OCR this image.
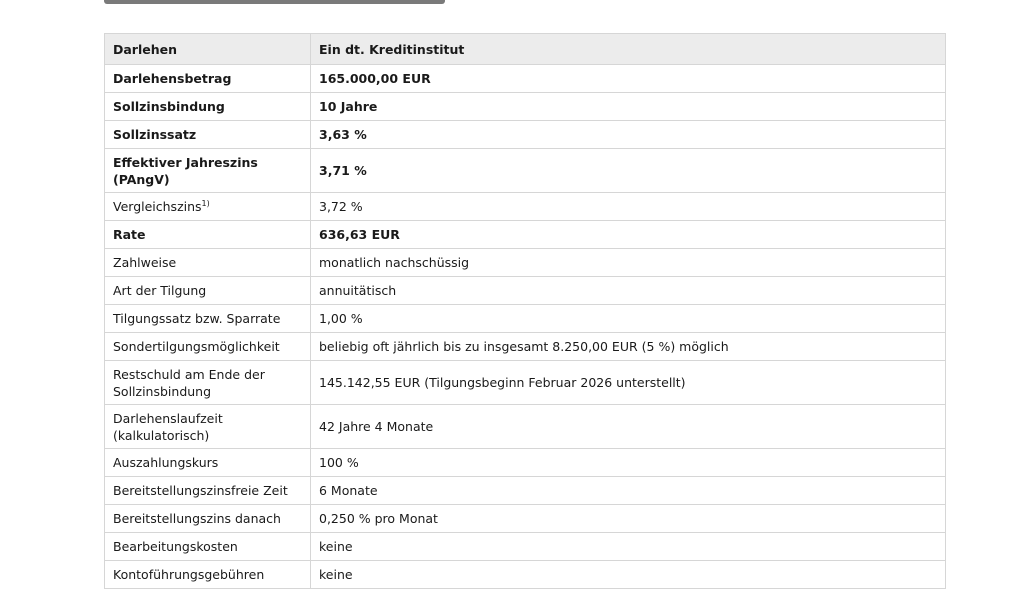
Darlehen	Ein dt. Kreditinstitut
Darlehensbetrag	165.000,00 EUR
Sollzinsbindung	10 Jahre
Sollzinssatz	3,63 %
Effektiver Jahreszins (PAngV)	3,71 %
Vergleichszins$^{1)}$	3,72 %
Rate	636,63 EUR
Zahlweise	monatlich nachschüssig
Art der Tilgung	annuitätisch
Tilgungssatz bzw. Sparrate	1,00 %
Sondertilgungsmöglichkeit	beliebig oft jährlich bis zu insgesamt 8.250,00 EUR (5 %) möglich
Restschuld am Ende der Sollzinsbindung	145.142,55 EUR (Tilgungsbeginn Februar 2026 unterstellt)
Darlehenslaufzeit (kalkulatorisch)	42 Jahre 4 Monate
Auszahlungskurs	100 %
Bereitstellungszinsfreie Zeit	6 Monate
Bereitstellungszins danach	0,250 % pro Monat
Bearbeitungskosten	keine
Kontoführungsgebühren	keine
